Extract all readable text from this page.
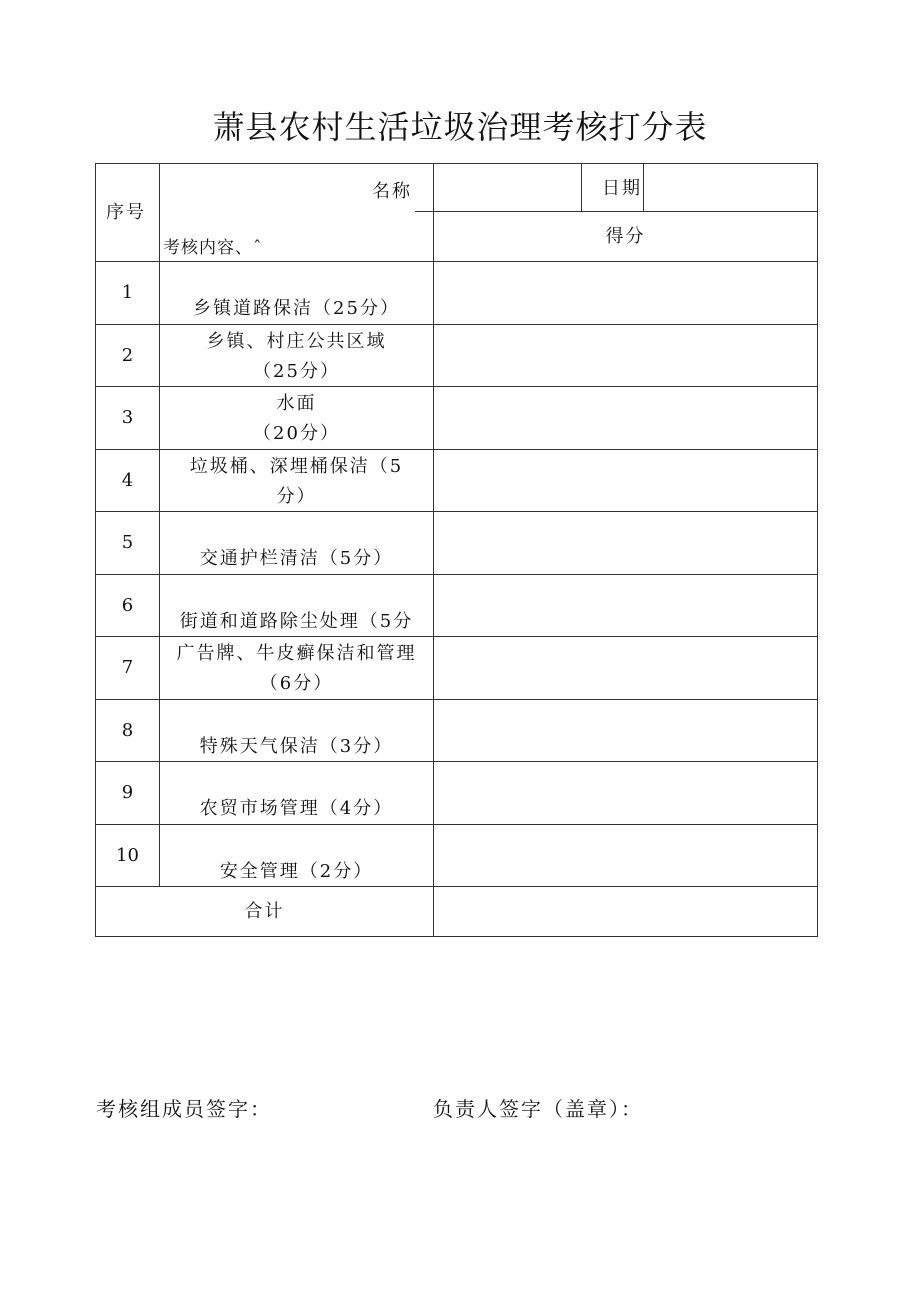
萧县农村生活垃圾治理考核打分表
序号
名称	日期
考核内容、ˆ
得分
1
乡镇道路保洁（25分）
2
乡镇、村庄公共区域
（25分）
3
水面
（20分）
4
垃圾桶、深埋桶保洁（5
分）
5
交通护栏清洁（5分）
6
街道和道路除尘处理（5分
7
广告牌、牛皮癣保洁和管理
（6分）
8
特殊天气保洁（3分）
9
农贸市场管理（4分）
10
安全管理（2分）
合计
考核组成员签字：	负责人签字（盖章）：
